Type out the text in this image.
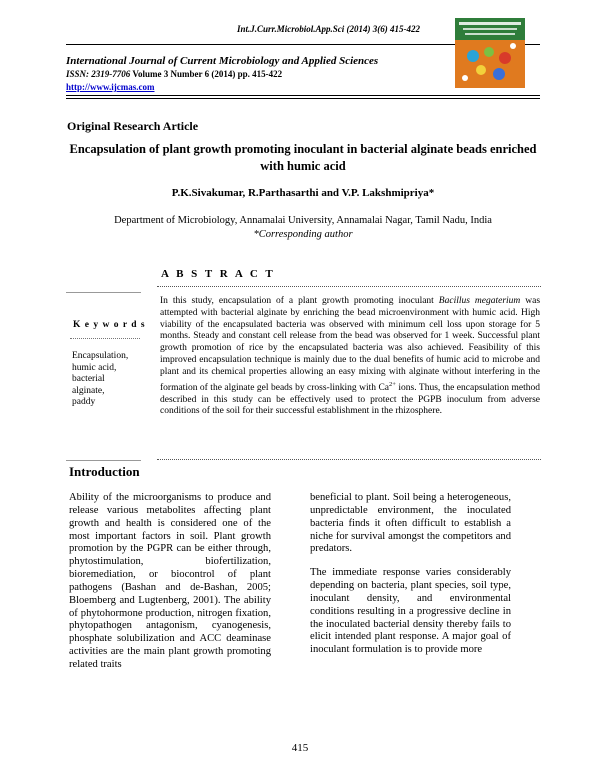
Int.J.Curr.Microbiol.App.Sci (2014) 3(6) 415-422
International Journal of Current Microbiology and Applied Sciences
ISSN: 2319-7706 Volume 3 Number 6 (2014) pp. 415-422
http://www.ijcmas.com
Original Research Article
Encapsulation of plant growth promoting inoculant in bacterial alginate beads enriched with humic acid
P.K.Sivakumar, R.Parthasarthi and V.P. Lakshmipriya*
Department of Microbiology, Annamalai University, Annamalai Nagar, Tamil Nadu, India
*Corresponding author
A B S T R A C T
K e y w o r d s
Encapsulation,
humic acid,
bacterial
alginate,
paddy
In this study, encapsulation of a plant growth promoting inoculant Bacillus megaterium was attempted with bacterial alginate by enriching the bead microenvironment with humic acid. High viability of the encapsulated bacteria was observed with minimum cell loss upon storage for 5 months. Steady and constant cell release from the bead was observed for 1 week. Successful plant growth promotion of rice by the encapsulated bacteria was also achieved. Feasibility of this improved encapsulation technique is mainly due to the dual benefits of humic acid to microbe and plant and its chemical properties allowing an easy mixing with alginate without interfering in the formation of the alginate gel beads by cross-linking with $Ca^{2+}$ ions. Thus, the encapsulation method described in this study can be effectively used to protect the PGPB inoculum from adverse conditions of the soil for their successful establishment in the rhizosphere.
Introduction

Ability of the microorganisms to produce and release various metabolites affecting plant growth and health is considered one of the most important factors in soil. Plant growth promotion by the PGPR can be either through, phytostimulation, biofertilization, bioremediation, or biocontrol of plant pathogens (Bashan and de-Bashan, 2005; Bloemberg and Lugtenberg, 2001). The ability of phytohormone production, nitrogen fixation, phytopathogen antagonism, cyanogenesis, phosphate solubilization and ACC deaminase activities are the main plant growth promoting related traits

beneficial to plant. Soil being a heterogeneous, unpredictable environment, the inoculated bacteria finds it often difficult to establish a niche for survival amongst the competitors and predators.

The immediate response varies considerably depending on bacteria, plant species, soil type, inoculant density, and environmental conditions resulting in a progressive decline in the inoculated bacterial density thereby fails to elicit intended plant response. A major goal of inoculant formulation is to provide more

415
